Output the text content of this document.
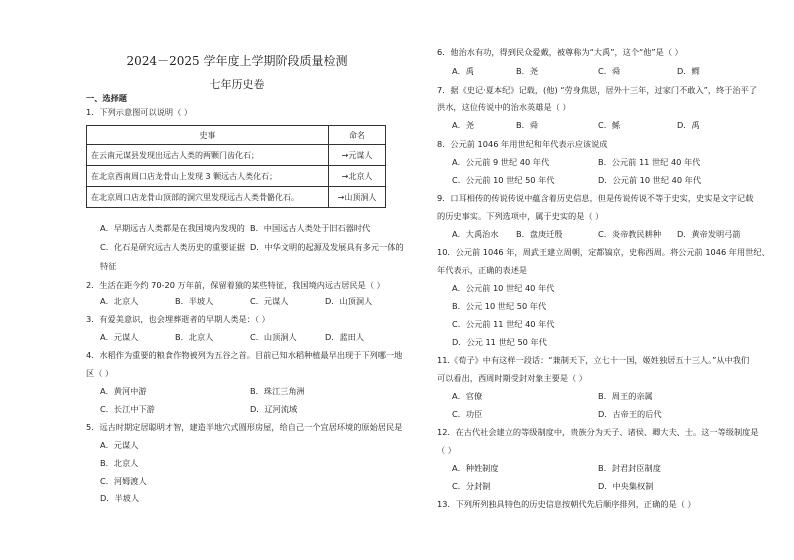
2024－2025 学年度上学期阶段质量检测
七年历史卷
一、选择题
1．下列示意图可以说明（ ）
史事	命名
在云南元谋县发现出远古人类的两颗门齿化石；	→元谋人
在北京西南周口店龙骨山上发现 3 颗远古人类化石；	→北京人
在北京周口店龙骨山顶部的洞穴里发现远古人类骨骼化石。	→山顶洞人
A．早期远古人类都是在我国境内发现的 B．中国远古人类处于旧石器时代
C．化石是研究远古人类历史的重要证据 D．中华文明的起源及发展具有多元一体的
特征
2．生活在距今约 70-20 万年前，保留着猿的某些特征，我国境内远古居民是（ ）
A．北京人	B．半坡人	C．元谋人	D．山顶洞人
3．有爱美意识，也会埋葬逝者的早期人类是：（ ）
A．元谋人	B．北京人	C．山顶洞人	D．蓝田人
4．水稻作为重要的粮食作物被列为五谷之首。目前已知水稻种植最早出现于下列哪一地
区（ ）
A．黄河中游	B．珠江三角洲
C．长江中下游	D．辽河流域
5．远古时期定居聪明才智，建造半地穴式圆形房屋，给自己一个宜居环境的原始居民是
A．元谋人
B．北京人
C．河姆渡人
D．半坡人
6．他治水有功，得到民众爱戴，被尊称为“大禹”，这个“他”是（ ）
A．禹	B．尧	C．舜	D．鳏
7．据《史记·夏本纪》记载，(他) “劳身焦思，居外十三年，过家门不敢入”，终于治平了
洪水，这位传说中的治水英雄是（ ）
A．尧	B．舜	C．鲧	D．禹
8．公元前 1046 年用世纪和年代表示应该说成
A．公元前 9 世纪 40 年代	B．公元前 11 世纪 40 年代
C．公元前 10 世纪 50 年代	D．公元前 10 世纪 40 年代
9．口耳相传的传说传说中蕴含着历史信息，但是传说传说不等于史实，史实是文字记载
的历史事实。下列选项中，属于史实的是（ ）
A．大禹治水 B．盘庚迁殷	C．炎帝教民耕种 D．黄帝发明弓箭
10．公元前 1046 年，周武王建立周朝，定都镐京，史称西周。将公元前 1046 年用世纪、
年代表示，正确的表述是
A．公元前 10 世纪 40 年代
B．公元 10 世纪 50 年代
C．公元前 11 世纪 40 年代
D．公元 11 世纪 50 年代
11.《荀子》中有这样一段话：“兼制天下，立七十一国，姬姓独居五十三人。”从中我们
可以看出，西周时期受封对象主要是（ ）
A．官僚	B．周王的亲属
C．功臣	D．古帝王的后代
12．在古代社会建立的等级制度中，贵族分为天子、诸侯、卿大夫、士。这一等级制度是
（ ）
A．种姓制度	B．封君封臣制度
C．分封制	D．中央集权制
13．下列所列独具特色的历史信息按朝代先后顺序排列，正确的是（ ）
